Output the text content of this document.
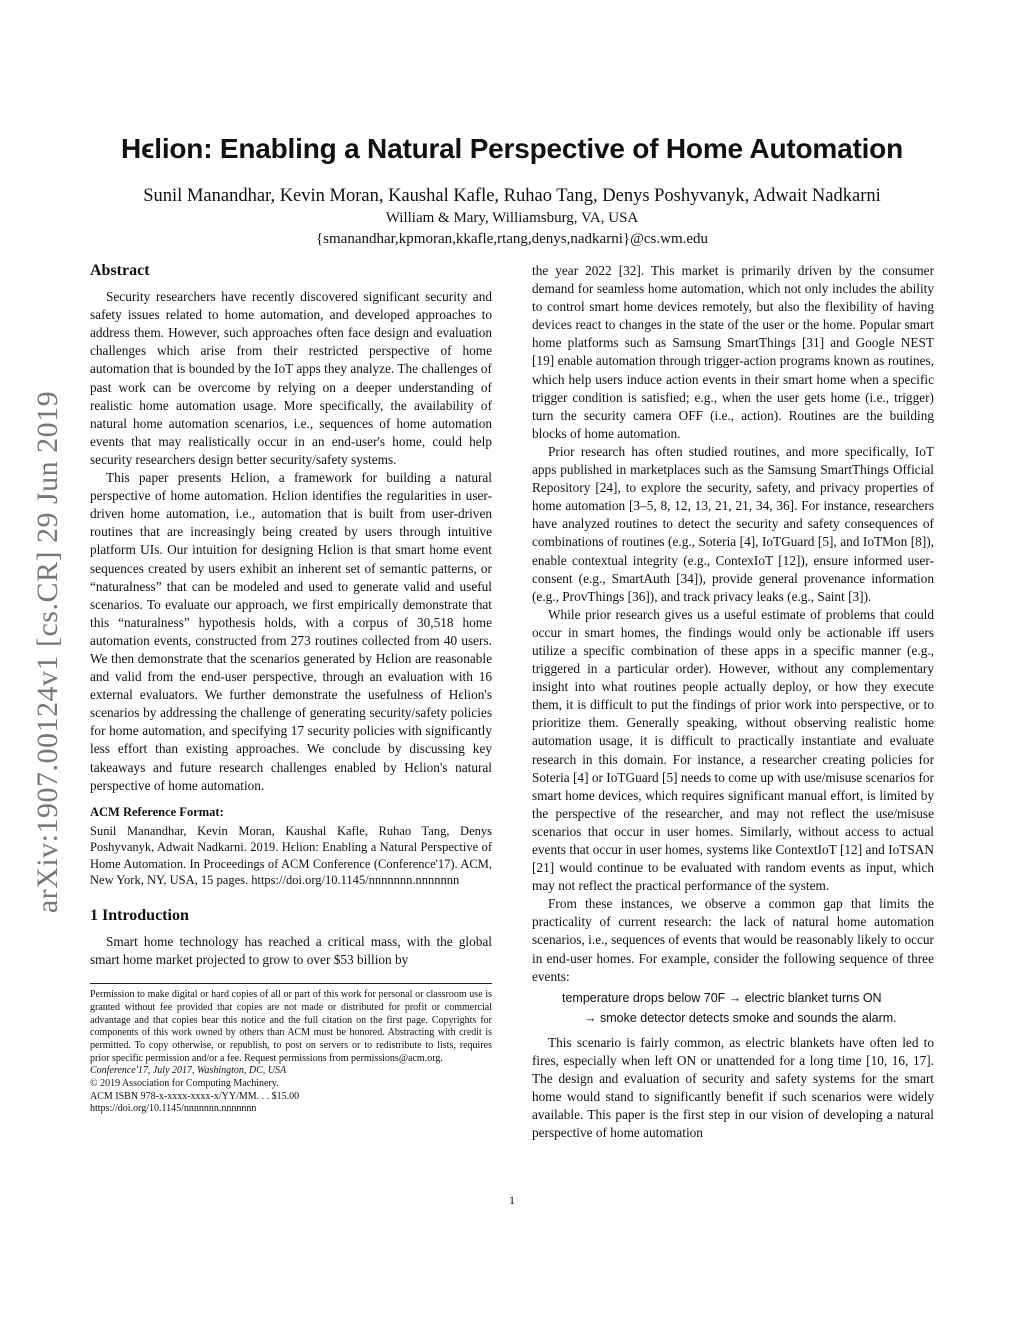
Hϵlion: Enabling a Natural Perspective of Home Automation
Sunil Manandhar, Kevin Moran, Kaushal Kafle, Ruhao Tang, Denys Poshyvanyk, Adwait Nadkarni
William & Mary, Williamsburg, VA, USA
{smanandhar,kpmoran,kkafle,rtang,denys,nadkarni}@cs.wm.edu
arXiv:1907.00124v1 [cs.CR] 29 Jun 2019
Abstract

Security researchers have recently discovered significant security and safety issues related to home automation, and developed approaches to address them. However, such approaches often face design and evaluation challenges which arise from their restricted perspective of home automation that is bounded by the IoT apps they analyze. The challenges of past work can be overcome by relying on a deeper understanding of realistic home automation usage. More specifically, the availability of natural home automation scenarios, i.e., sequences of home automation events that may realistically occur in an end-user's home, could help security researchers design better security/safety systems.

This paper presents Hϵlion, a framework for building a natural perspective of home automation. Hϵlion identifies the regularities in user-driven home automation, i.e., automation that is built from user-driven routines that are increasingly being created by users through intuitive platform UIs. Our intuition for designing Hϵlion is that smart home event sequences created by users exhibit an inherent set of semantic patterns, or “naturalness” that can be modeled and used to generate valid and useful scenarios. To evaluate our approach, we first empirically demonstrate that this “naturalness” hypothesis holds, with a corpus of 30,518 home automation events, constructed from 273 routines collected from 40 users. We then demonstrate that the scenarios generated by Hϵlion are reasonable and valid from the end-user perspective, through an evaluation with 16 external evaluators. We further demonstrate the usefulness of Hϵlion's scenarios by addressing the challenge of generating security/safety policies for home automation, and specifying 17 security policies with significantly less effort than existing approaches. We conclude by discussing key takeaways and future research challenges enabled by Hϵlion's natural perspective of home automation.

ACM Reference Format:
Sunil Manandhar, Kevin Moran, Kaushal Kafle, Ruhao Tang, Denys Poshyvanyk, Adwait Nadkarni. 2019. Hϵlion: Enabling a Natural Perspective of Home Automation. In Proceedings of ACM Conference (Conference'17). ACM, New York, NY, USA, 15 pages. https://doi.org/10.1145/nnnnnnn.nnnnnnn
1 Introduction

Smart home technology has reached a critical mass, with the global smart home market projected to grow to over $53 billion by

Permission to make digital or hard copies of all or part of this work for personal or classroom use is granted without fee provided that copies are not made or distributed for profit or commercial advantage and that copies bear this notice and the full citation on the first page. Copyrights for components of this work owned by others than ACM must be honored. Abstracting with credit is permitted. To copy otherwise, or republish, to post on servers or to redistribute to lists, requires prior specific permission and/or a fee. Request permissions from permissions@acm.org.

Conference'17, July 2017, Washington, DC, USA

© 2019 Association for Computing Machinery.

ACM ISBN 978-x-xxxx-xxxx-x/YY/MM. . . $15.00

https://doi.org/10.1145/nnnnnnn.nnnnnnn

the year 2022 [32]. This market is primarily driven by the consumer demand for seamless home automation, which not only includes the ability to control smart home devices remotely, but also the flexibility of having devices react to changes in the state of the user or the home. Popular smart home platforms such as Samsung SmartThings [31] and Google NEST [19] enable automation through trigger-action programs known as routines, which help users induce action events in their smart home when a specific trigger condition is satisfied; e.g., when the user gets home (i.e., trigger) turn the security camera OFF (i.e., action). Routines are the building blocks of home automation.

Prior research has often studied routines, and more specifically, IoT apps published in marketplaces such as the Samsung SmartThings Official Repository [24], to explore the security, safety, and privacy properties of home automation [3–5, 8, 12, 13, 21, 21, 34, 36]. For instance, researchers have analyzed routines to detect the security and safety consequences of combinations of routines (e.g., Soteria [4], IoTGuard [5], and IoTMon [8]), enable contextual integrity (e.g., ContexIoT [12]), ensure informed user-consent (e.g., SmartAuth [34]), provide general provenance information (e.g., ProvThings [36]), and track privacy leaks (e.g., Saint [3]).

While prior research gives us a useful estimate of problems that could occur in smart homes, the findings would only be actionable iff users utilize a specific combination of these apps in a specific manner (e.g., triggered in a particular order). However, without any complementary insight into what routines people actually deploy, or how they execute them, it is difficult to put the findings of prior work into perspective, or to prioritize them. Generally speaking, without observing realistic home automation usage, it is difficult to practically instantiate and evaluate research in this domain. For instance, a researcher creating policies for Soteria [4] or IoTGuard [5] needs to come up with use/misuse scenarios for smart home devices, which requires significant manual effort, is limited by the perspective of the researcher, and may not reflect the use/misuse scenarios that occur in user homes. Similarly, without access to actual events that occur in user homes, systems like ContextIoT [12] and IoTSAN [21] would continue to be evaluated with random events as input, which may not reflect the practical performance of the system.

From these instances, we observe a common gap that limits the practicality of current research: the lack of natural home automation scenarios, i.e., sequences of events that would be reasonably likely to occur in end-user homes. For example, consider the following sequence of three events:

temperature drops below 70F → electric blanket turns ON
→ smoke detector detects smoke and sounds the alarm.

This scenario is fairly common, as electric blankets have often led to fires, especially when left ON or unattended for a long time [10, 16, 17]. The design and evaluation of security and safety systems for the smart home would stand to significantly benefit if such scenarios were widely available. This paper is the first step in our vision of developing a natural perspective of home automation

1
